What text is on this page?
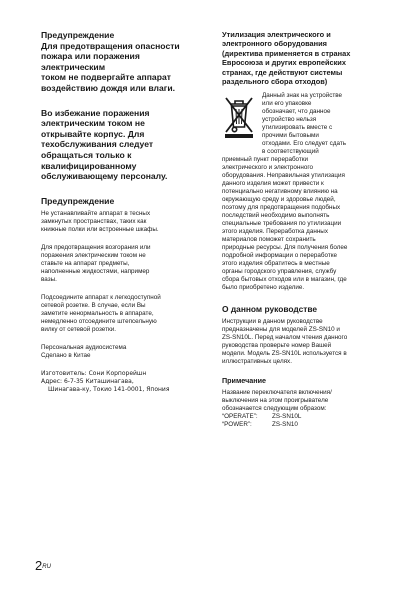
Предупреждение

Для предотвращения опасности

пожара или поражения

электрическим

током не подвергайте аппарат

воздействию дождя или влаги.

Во избежание поражения

электрическим током не

открывайте корпус. Для

техобслуживания следует

обращаться только к

квалифицированному

обслуживающему персоналу.

Предупреждение

Не устанавливайте аппарат в тесных

замкнутых пространствах, таких как

книжные полки или встроенные шкафы.

Для предотвращения возгорания или

поражения электрическим током не

ставьте на аппарат предметы,

наполненные жидкостями, например

вазы.

Подсоедините аппарат к легкодоступной

сетевой розетке. В случае, если Вы

заметите ненормальность в аппарате,

немедленно отсоедините штепсельную

вилку от сетевой розетки.

Персональная аудиосистема

Сделано в Китае

Изготовитель: Сони Корпорейшн
Адрес: 6-7-35 Киташинагава,
Шинагава-ку, Токио 141-0001, Япония

Утилизация электрического и

электронного оборудования

(директива применяется в странах

Евросоюза и других европейских

странах, где действуют системы

раздельного сбора отходов)

Данный знак на устройстве
или его упаковке
обозначает, что данное
устройство нельзя
утилизировать вместе с
прочими бытовыми
отходами. Его следует сдать
в соответствующий
приемный пункт переработки
электрического и электронного
оборудования. Неправильная утилизация
данного изделия может привести к
потенциально негативному влиянию на
окружающую среду и здоровье людей,
поэтому для предотвращения подобных
последствий необходимо выполнять
специальные требования по утилизации
этого изделия. Переработка данных
материалов поможет сохранить
природные ресурсы. Для получения более
подробной информации о переработке
этого изделия обратитесь в местные
органы городского управления, службу
сбора бытовых отходов или в магазин, где
было приобретено изделие.

О данном руководстве

Инструкции в данном руководстве

предназначены для моделей ZS-SN10 и

ZS-SN10L. Перед началом чтения данного

руководства проверьте номер Вашей

модели. Модель ZS-SN10L используется в

иллюстративных целях.

Примечание

Название переключателя включения/

выключения на этом проигрывателе

обозначается следующим образом:

“OPERATE”:	ZS-SN10L
“POWER”:	ZS-SN10
$2^{RU}$
